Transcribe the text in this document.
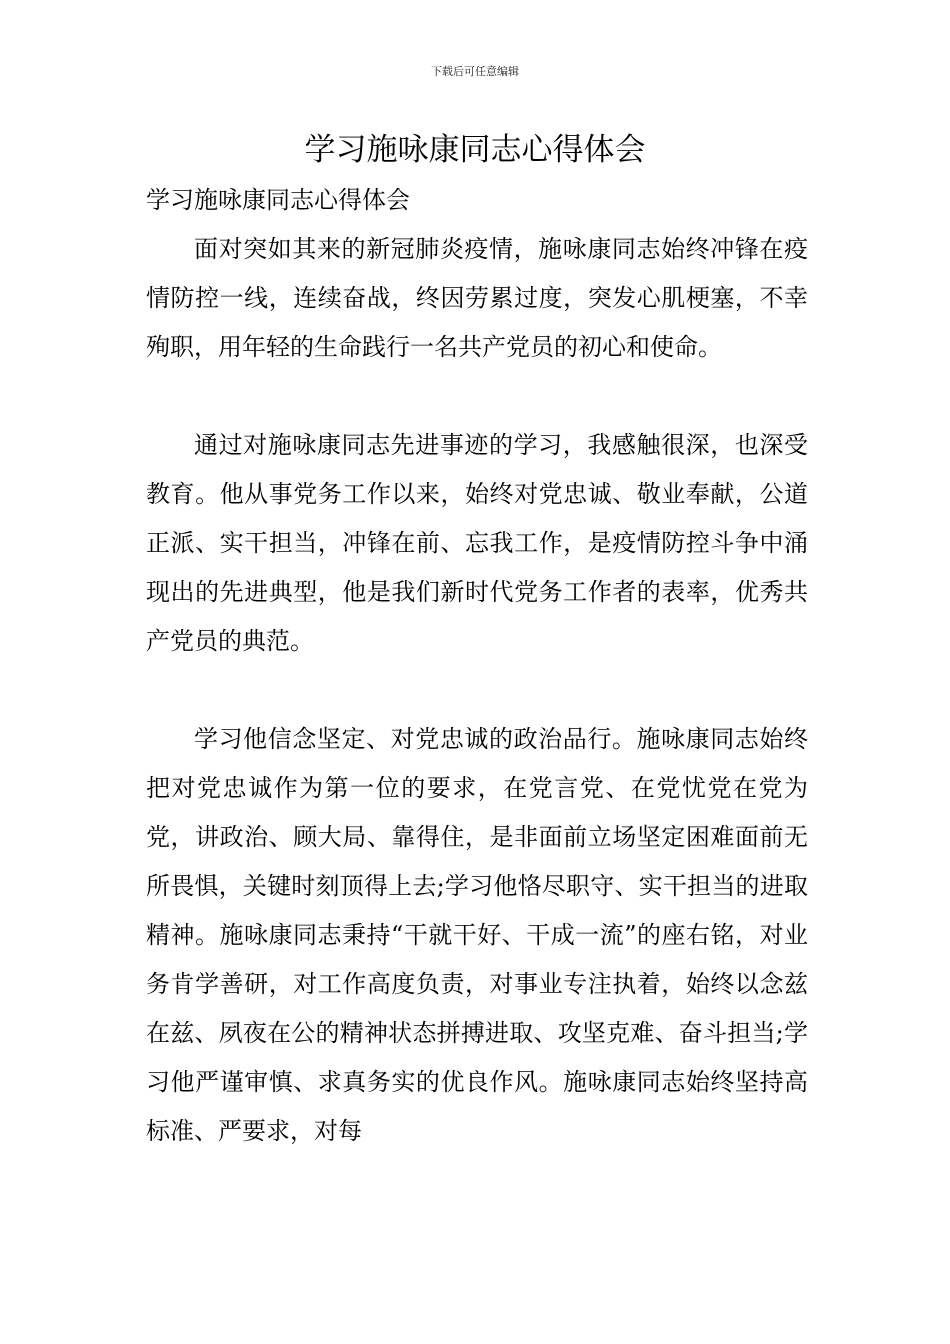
下载后可任意编辑
学习施咏康同志心得体会

学习施咏康同志心得体会

面对突如其来的新冠肺炎疫情，施咏康同志始终冲锋在疫情防控一线，连续奋战，终因劳累过度，突发心肌梗塞，不幸殉职，用年轻的生命践行一名共产党员的初心和使命。

通过对施咏康同志先进事迹的学习，我感触很深，也深受教育。他从事党务工作以来，始终对党忠诚、敬业奉献，公道正派、实干担当，冲锋在前、忘我工作，是疫情防控斗争中涌现出的先进典型，他是我们新时代党务工作者的表率，优秀共产党员的典范。

学习他信念坚定、对党忠诚的政治品行。施咏康同志始终把对党忠诚作为第一位的要求，在党言党、在党忧党在党为党，讲政治、顾大局、靠得住，是非面前立场坚定困难面前无所畏惧，关键时刻顶得上去;学习他恪尽职守、实干担当的进取精神。施咏康同志秉持“干就干好、干成一流”的座右铭，对业务肯学善研，对工作高度负责，对事业专注执着，始终以念兹在兹、夙夜在公的精神状态拼搏进取、攻坚克难、奋斗担当;学习他严谨审慎、求真务实的优良作风。施咏康同志始终坚持高标准、严要求，对每
